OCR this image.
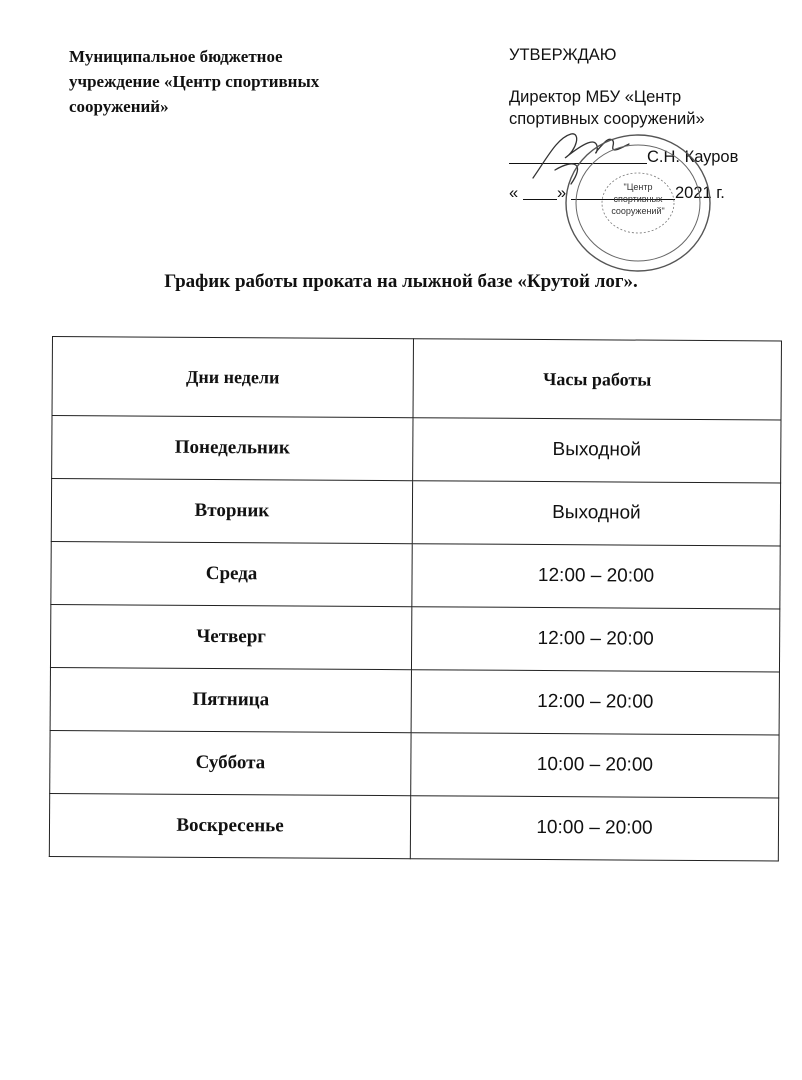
Муниципальное бюджетное
учреждение «Центр спортивных
сооружений»
УТВЕРЖДАЮ
Директор МБУ «Центр
спортивных сооружений»
С.Н. Кауров
« »	2021 г.
"Центр
спортивных
сооружений"
График работы проката на лыжной базе «Крутой лог».
Дни недели	Часы работы
Понедельник	Выходной
Вторник	Выходной
Среда	12:00 – 20:00
Четверг	12:00 – 20:00
Пятница	12:00 – 20:00
Суббота	10:00 – 20:00
Воскресенье	10:00 – 20:00
